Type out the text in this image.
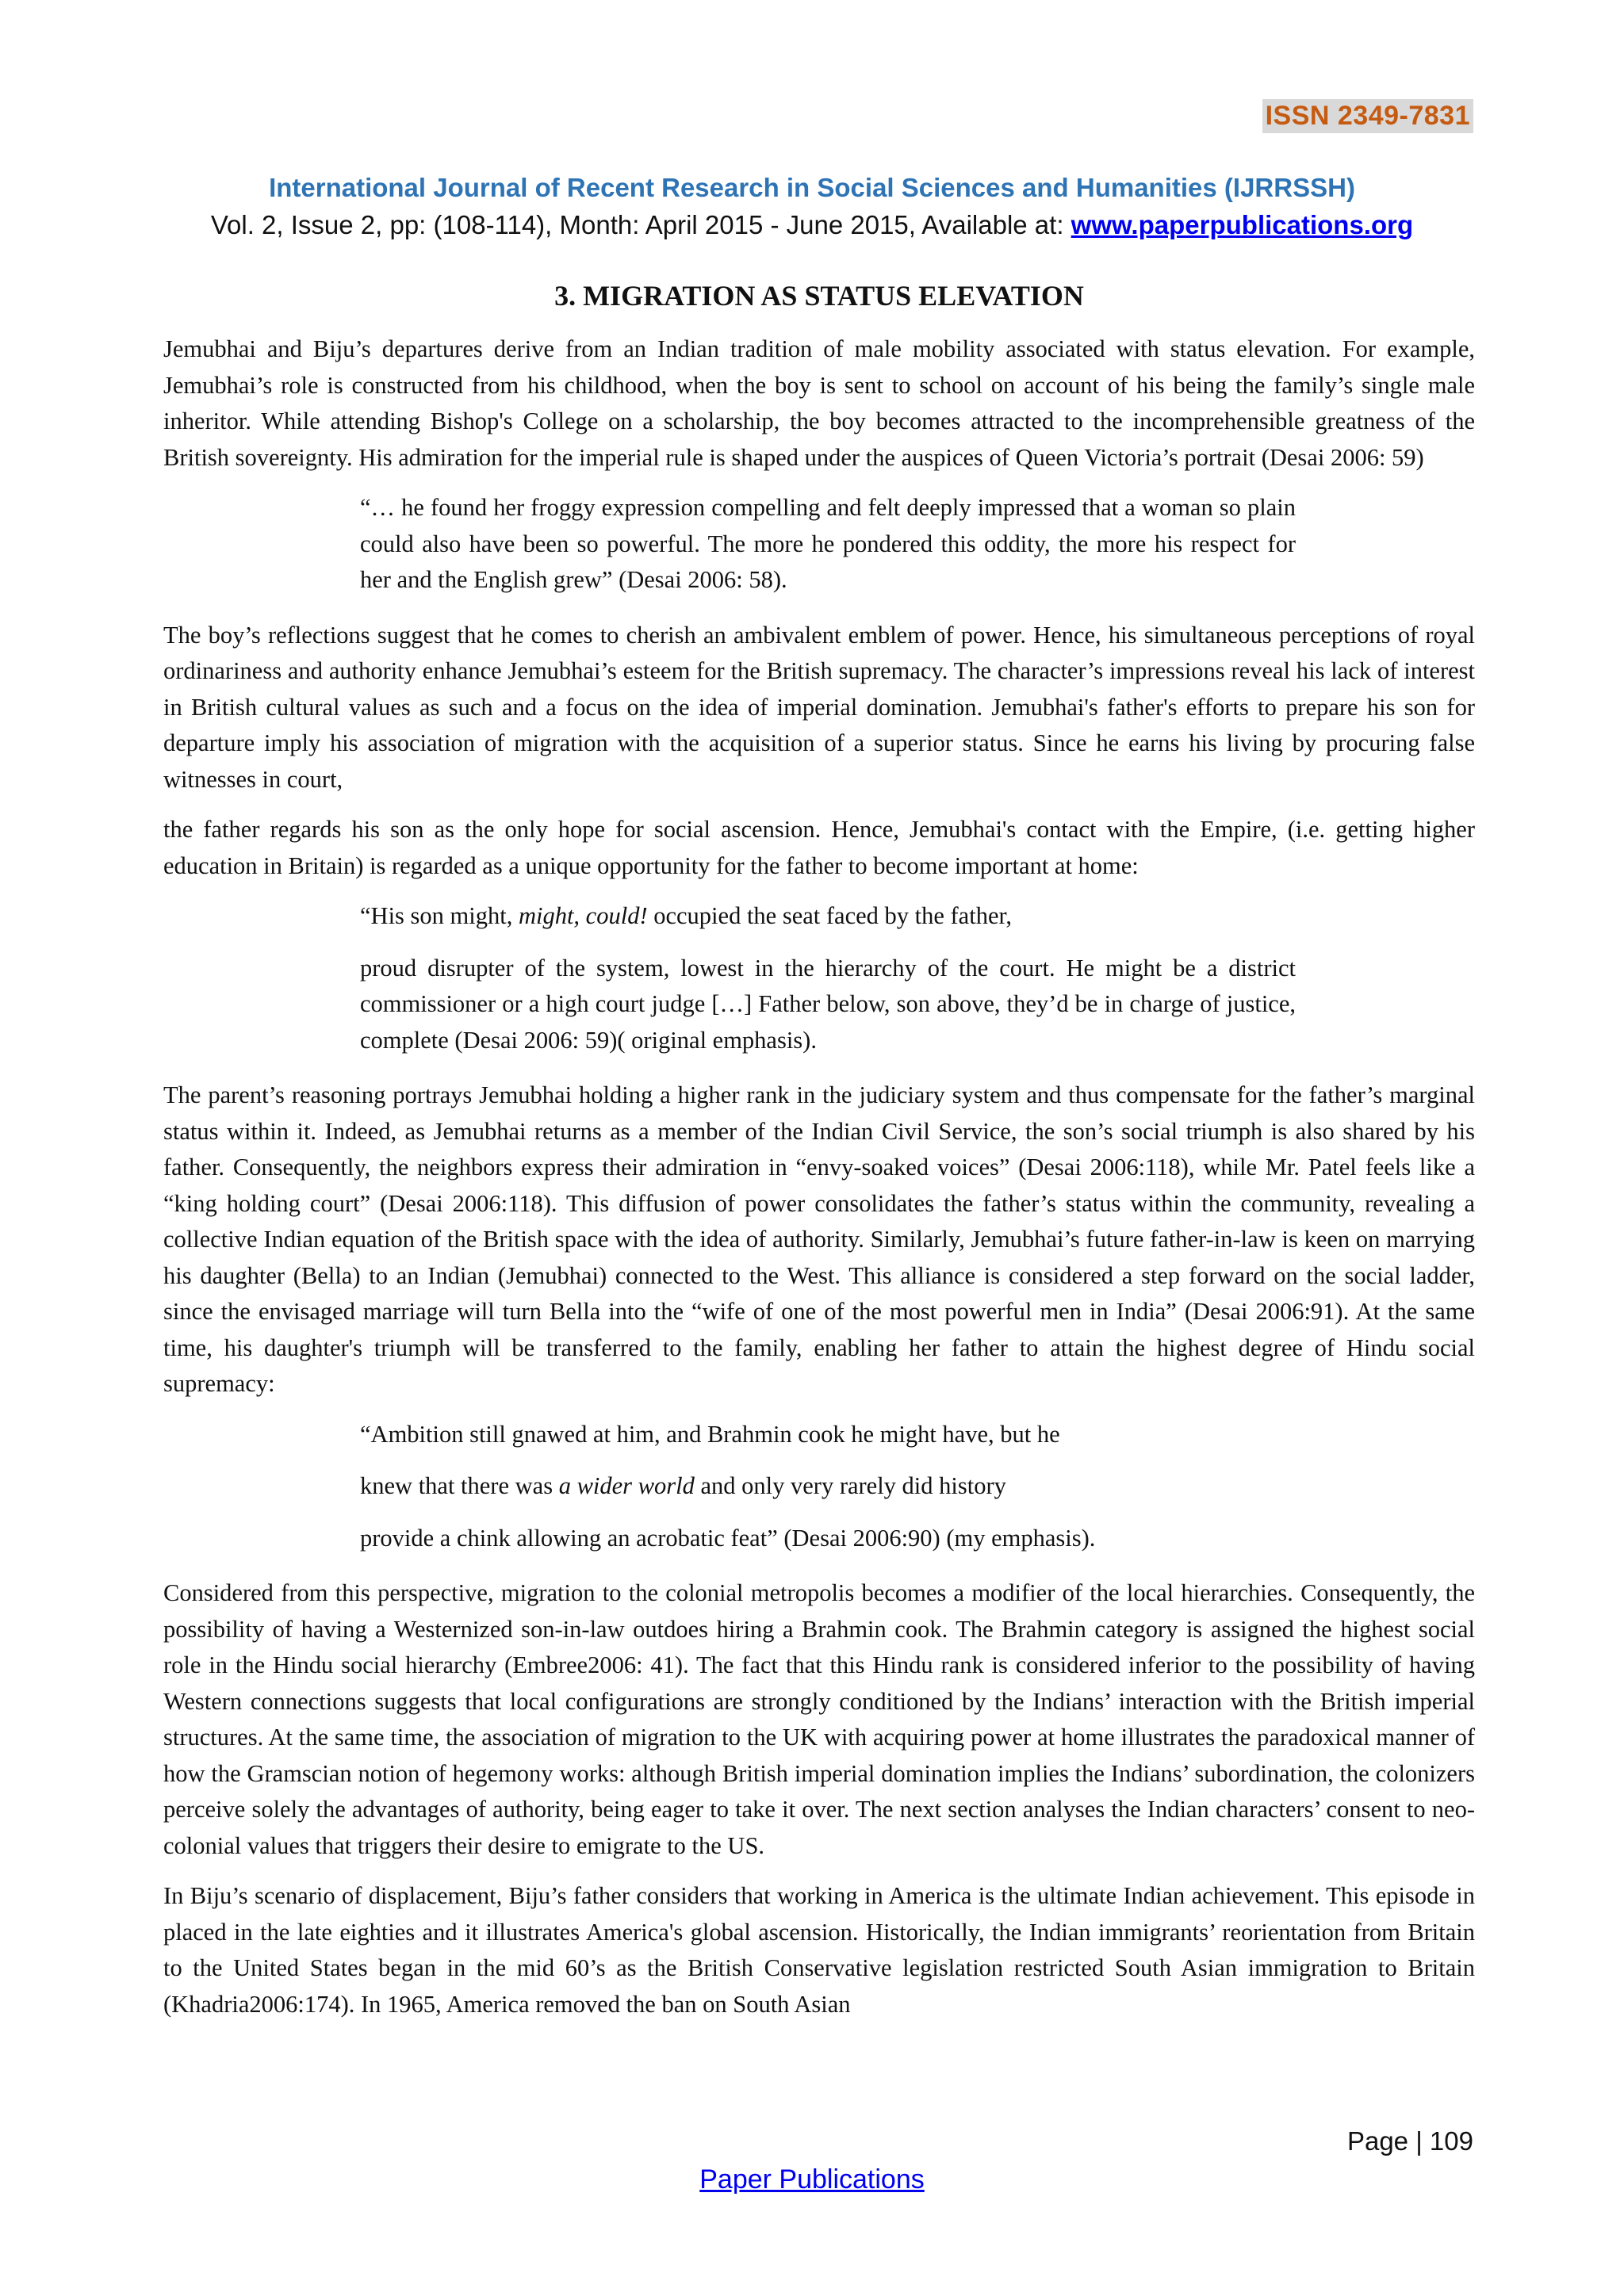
ISSN 2349-7831
International Journal of Recent Research in Social Sciences and Humanities (IJRRSSH)
Vol. 2, Issue 2, pp: (108-114), Month: April 2015 - June 2015, Available at: www.paperpublications.org
3. MIGRATION AS STATUS ELEVATION

Jemubhai and Biju’s departures derive from an Indian tradition of male mobility associated with status elevation. For example, Jemubhai’s role is constructed from his childhood, when the boy is sent to school on account of his being the family’s single male inheritor. While attending Bishop's College on a scholarship, the boy becomes attracted to the incomprehensible greatness of the British sovereignty. His admiration for the imperial rule is shaped under the auspices of Queen Victoria’s portrait (Desai 2006: 59)

“… he found her froggy expression compelling and felt deeply impressed that a woman so plain could also have been so powerful. The more he pondered this oddity, the more his respect for her and the English grew” (Desai 2006: 58).

The boy’s reflections suggest that he comes to cherish an ambivalent emblem of power. Hence, his simultaneous perceptions of royal ordinariness and authority enhance Jemubhai’s esteem for the British supremacy. The character’s impressions reveal his lack of interest in British cultural values as such and a focus on the idea of imperial domination. Jemubhai's father's efforts to prepare his son for departure imply his association of migration with the acquisition of a superior status. Since he earns his living by procuring false witnesses in court,

the father regards his son as the only hope for social ascension. Hence, Jemubhai's contact with the Empire, (i.e. getting higher education in Britain) is regarded as a unique opportunity for the father to become important at home:

“His son might, might, could! occupied the seat faced by the father,

proud disrupter of the system, lowest in the hierarchy of the court. He might be a district commissioner or a high court judge […] Father below, son above, they’d be in charge of justice, complete (Desai 2006: 59)( original emphasis).

The parent’s reasoning portrays Jemubhai holding a higher rank in the judiciary system and thus compensate for the father’s marginal status within it. Indeed, as Jemubhai returns as a member of the Indian Civil Service, the son’s social triumph is also shared by his father. Consequently, the neighbors express their admiration in “envy-soaked voices” (Desai 2006:118), while Mr. Patel feels like a “king holding court” (Desai 2006:118). This diffusion of power consolidates the father’s status within the community, revealing a collective Indian equation of the British space with the idea of authority. Similarly, Jemubhai’s future father-in-law is keen on marrying his daughter (Bella) to an Indian (Jemubhai) connected to the West. This alliance is considered a step forward on the social ladder, since the envisaged marriage will turn Bella into the “wife of one of the most powerful men in India” (Desai 2006:91). At the same time, his daughter's triumph will be transferred to the family, enabling her father to attain the highest degree of Hindu social supremacy:

“Ambition still gnawed at him, and Brahmin cook he might have, but he

knew that there was a wider world and only very rarely did history

provide a chink allowing an acrobatic feat” (Desai 2006:90) (my emphasis).

Considered from this perspective, migration to the colonial metropolis becomes a modifier of the local hierarchies. Consequently, the possibility of having a Westernized son-in-law outdoes hiring a Brahmin cook. The Brahmin category is assigned the highest social role in the Hindu social hierarchy (Embree2006: 41). The fact that this Hindu rank is considered inferior to the possibility of having Western connections suggests that local configurations are strongly conditioned by the Indians’ interaction with the British imperial structures. At the same time, the association of migration to the UK with acquiring power at home illustrates the paradoxical manner of how the Gramscian notion of hegemony works: although British imperial domination implies the Indians’ subordination, the colonizers perceive solely the advantages of authority, being eager to take it over. The next section analyses the Indian characters’ consent to neo-colonial values that triggers their desire to emigrate to the US.

In Biju’s scenario of displacement, Biju’s father considers that working in America is the ultimate Indian achievement. This episode in placed in the late eighties and it illustrates America's global ascension. Historically, the Indian immigrants’ reorientation from Britain to the United States began in the mid 60’s as the British Conservative legislation restricted South Asian immigration to Britain (Khadria2006:174). In 1965, America removed the ban on South Asian

Page | 109
Paper Publications
